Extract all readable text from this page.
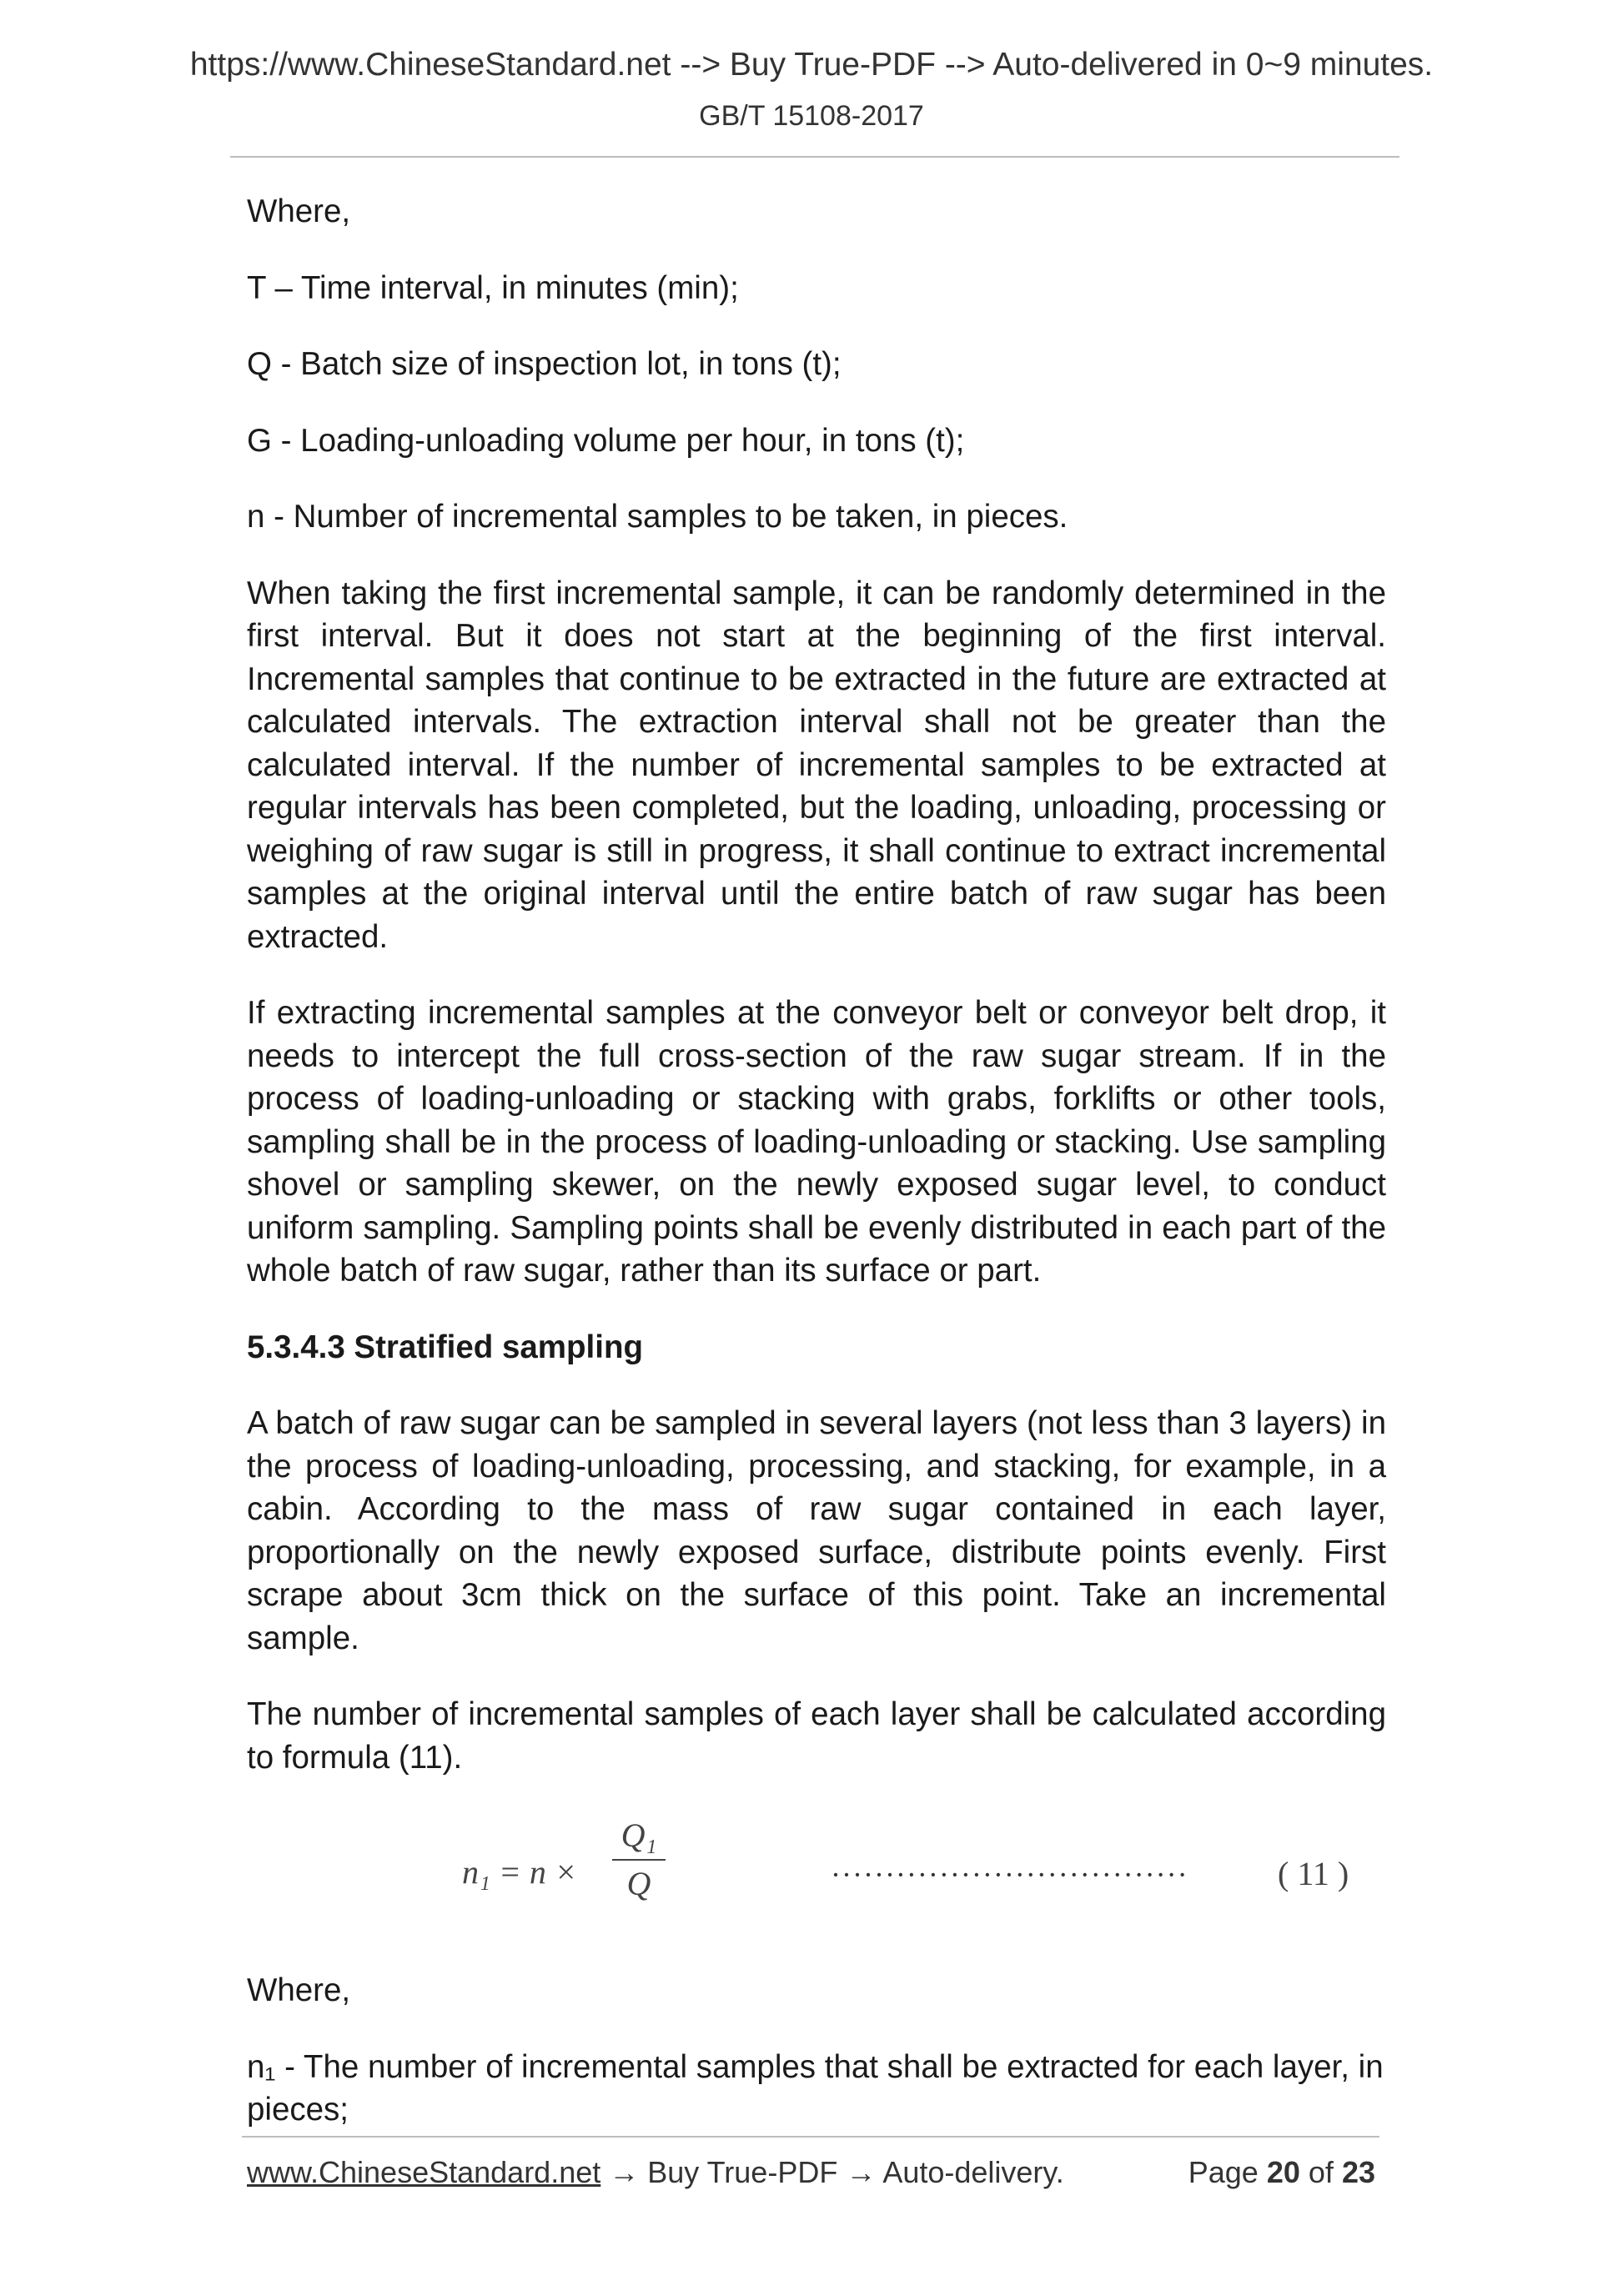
https://www.ChineseStandard.net --> Buy True-PDF --> Auto-delivered in 0~9 minutes.
GB/T 15108-2017

Where,

T – Time interval, in minutes (min);

Q - Batch size of inspection lot, in tons (t);

G - Loading-unloading volume per hour, in tons (t);

n - Number of incremental samples to be taken, in pieces.

When taking the first incremental sample, it can be randomly determined in the first interval. But it does not start at the beginning of the first interval. Incremental samples that continue to be extracted in the future are extracted at calculated intervals. The extraction interval shall not be greater than the calculated interval. If the number of incremental samples to be extracted at regular intervals has been completed, but the loading, unloading, processing or weighing of raw sugar is still in progress, it shall continue to extract incremental samples at the original interval until the entire batch of raw sugar has been extracted.

If extracting incremental samples at the conveyor belt or conveyor belt drop, it needs to intercept the full cross-section of the raw sugar stream. If in the process of loading-unloading or stacking with grabs, forklifts or other tools, sampling shall be in the process of loading-unloading or stacking. Use sampling shovel or sampling skewer, on the newly exposed sugar level, to conduct uniform sampling. Sampling points shall be evenly distributed in each part of the whole batch of raw sugar, rather than its surface or part.

5.3.4.3 Stratified sampling

A batch of raw sugar can be sampled in several layers (not less than 3 layers) in the process of loading-unloading, processing, and stacking, for example, in a cabin. According to the mass of raw sugar contained in each layer, proportionally on the newly exposed surface, distribute points evenly. First scrape about 3cm thick on the surface of this point. Take an incremental sample.

The number of incremental samples of each layer shall be calculated according to formula (11).

n₁ = n ×
Q₁
Q	·································	( 11 )

Where,

n₁ - The number of incremental samples that shall be extracted for each layer, in pieces;

www.ChineseStandard.net → Buy True-PDF → Auto-delivery.	Page 20 of 23
